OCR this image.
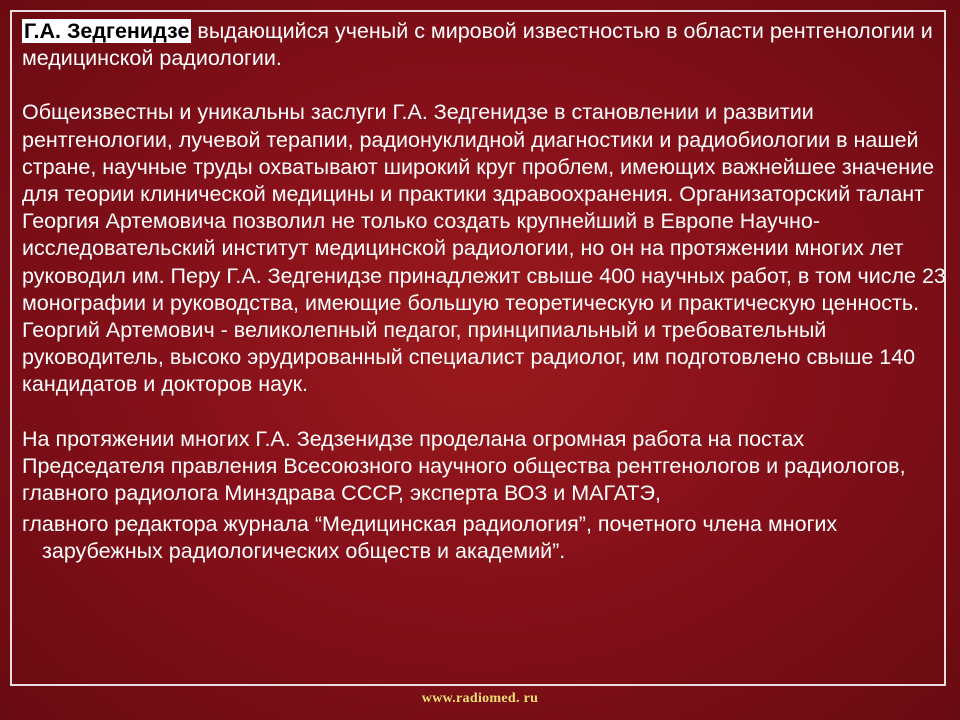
Г.А. Зедгенидзе выдающийся ученый с мировой известностью в области рентгенологии и медицинской радиологии.

Общеизвестны и уникальны заслуги Г.А. Зедгенидзе в становлении и развитии рентгенологии, лучевой терапии, радионуклидной диагностики и радиобиологии в нашей стране, научные труды охватывают широкий круг проблем, имеющих важнейшее значение для теории клинической медицины и практики здравоохранения. Организаторский талант Георгия Артемовича позволил не только создать крупнейший в Европе Научно-исследовательский институт медицинской радиологии, но он на протяжении многих лет руководил им. Перу Г.А. Зедгенидзе принадлежит свыше 400 научных работ, в том числе 23 монографии и руководства, имеющие большую теоретическую и практическую ценность. Георгий Артемович - великолепный педагог, принципиальный и требовательный руководитель, высоко эрудированный специалист радиолог, им подготовлено свыше 140 кандидатов и докторов наук.

На протяжении многих Г.А. Зедзенидзе проделана огромная работа на постах Председателя правления Всесоюзного научного общества рентгенологов и радиологов, главного радиолога Минздрава СССР, эксперта ВОЗ и МАГАТЭ,
главного редактора журнала “Медицинская радиология”, почетного члена многих
зарубежных радиологических обществ и академий”.
www.radiomed. ru
